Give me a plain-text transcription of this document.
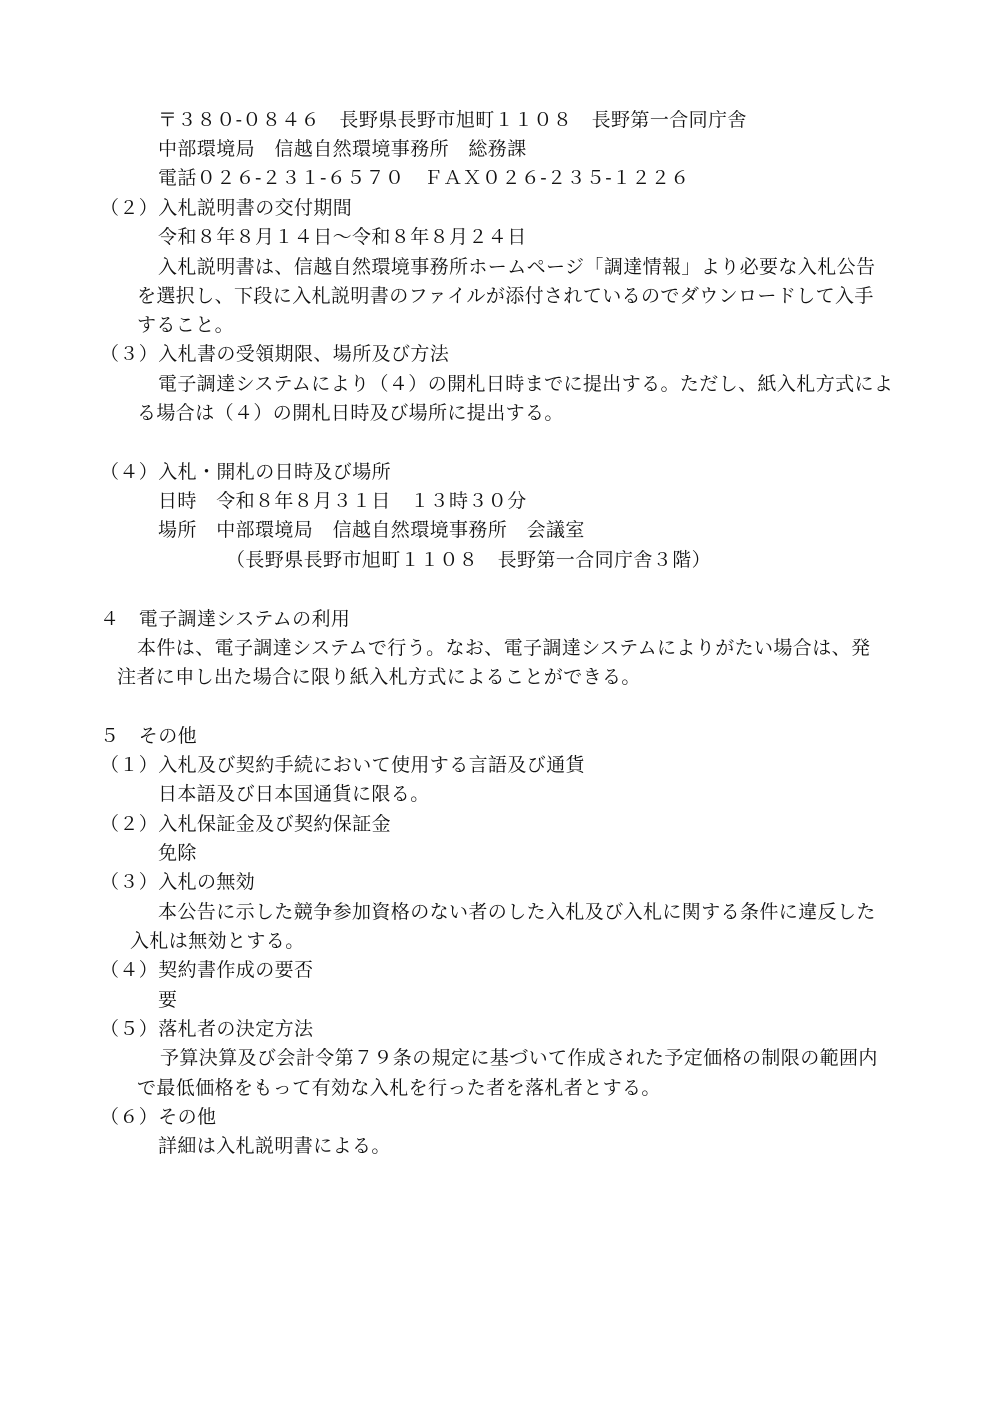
〒３８０-０８４６　長野県長野市旭町１１０８　長野第一合同庁舎
中部環境局　信越自然環境事務所　総務課
電話０２６-２３１-６５７０　ＦＡＸ０２６-２３５-１２２６
（２）入札説明書の交付期間
令和８年８月１４日～令和８年８月２４日
入札説明書は、信越自然環境事務所ホームページ「調達情報」より必要な入札公告
を選択し、下段に入札説明書のファイルが添付されているのでダウンロードして入手
すること。
（３）入札書の受領期限、場所及び方法
電子調達システムにより（４）の開札日時までに提出する。ただし、紙入札方式によ
る場合は（４）の開札日時及び場所に提出する。
（４）入札・開札の日時及び場所
日時　令和８年８月３１日　１３時３０分
場所　中部環境局　信越自然環境事務所　会議室
（長野県長野市旭町１１０８　長野第一合同庁舎３階）
４　電子調達システムの利用
本件は、電子調達システムで行う。なお、電子調達システムによりがたい場合は、発
注者に申し出た場合に限り紙入札方式によることができる。
５　その他
（１）入札及び契約手続において使用する言語及び通貨
日本語及び日本国通貨に限る。
（２）入札保証金及び契約保証金
免除
（３）入札の無効
本公告に示した競争参加資格のない者のした入札及び入札に関する条件に違反した
入札は無効とする。
（４）契約書作成の要否
要
（５）落札者の決定方法
予算決算及び会計令第７９条の規定に基づいて作成された予定価格の制限の範囲内
で最低価格をもって有効な入札を行った者を落札者とする。
（６）その他
詳細は入札説明書による。
